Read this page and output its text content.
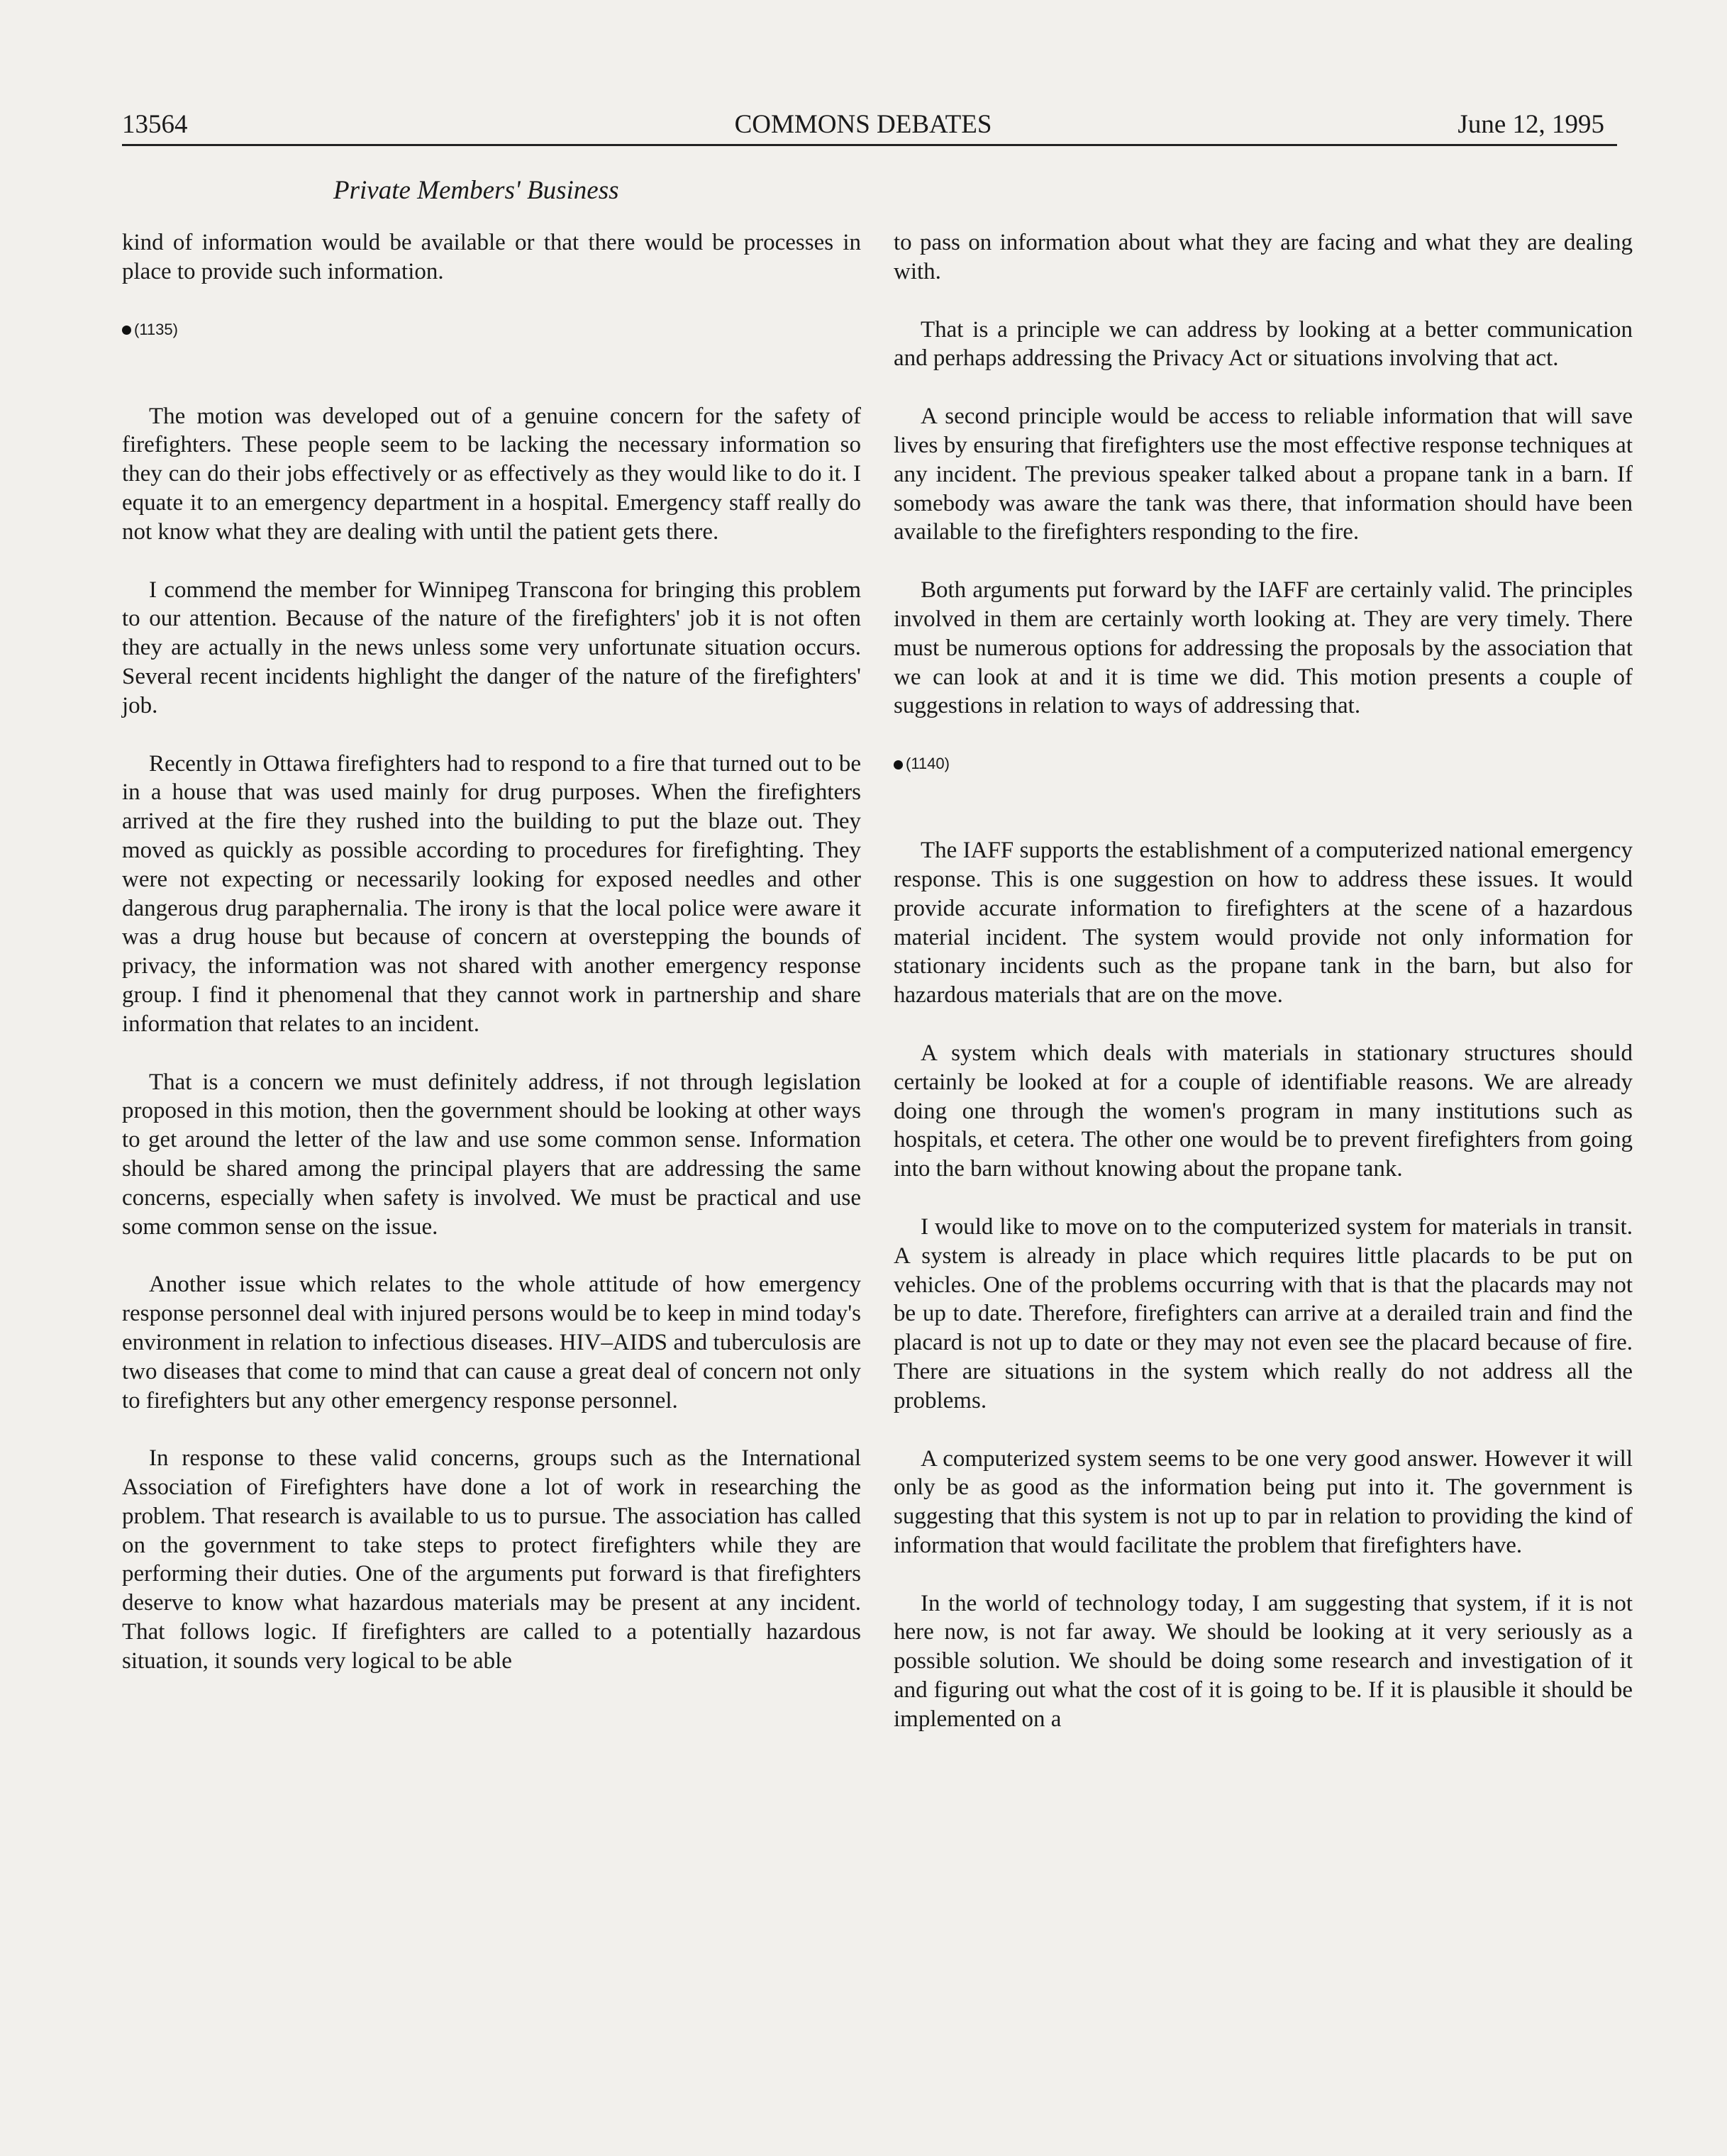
13564	COMMONS DEBATES	June 12, 1995
Private Members' Business

kind of information would be available or that there would be processes in place to provide such information.

(1135)

The motion was developed out of a genuine concern for the safety of firefighters. These people seem to be lacking the necessary information so they can do their jobs effectively or as effectively as they would like to do it. I equate it to an emergency department in a hospital. Emergency staff really do not know what they are dealing with until the patient gets there.

I commend the member for Winnipeg Transcona for bringing this problem to our attention. Because of the nature of the firefighters' job it is not often they are actually in the news unless some very unfortunate situation occurs. Several recent incidents highlight the danger of the nature of the firefighters' job.

Recently in Ottawa firefighters had to respond to a fire that turned out to be in a house that was used mainly for drug purposes. When the firefighters arrived at the fire they rushed into the building to put the blaze out. They moved as quickly as possible according to procedures for firefighting. They were not expecting or necessarily looking for exposed needles and other dangerous drug paraphernalia. The irony is that the local police were aware it was a drug house but because of concern at overstepping the bounds of privacy, the information was not shared with another emergency response group. I find it phenomenal that they cannot work in partnership and share information that relates to an incident.

That is a concern we must definitely address, if not through legislation proposed in this motion, then the government should be looking at other ways to get around the letter of the law and use some common sense. Information should be shared among the principal players that are addressing the same concerns, especially when safety is involved. We must be practical and use some common sense on the issue.

Another issue which relates to the whole attitude of how emergency response personnel deal with injured persons would be to keep in mind today's environment in relation to infectious diseases. HIV–AIDS and tuberculosis are two diseases that come to mind that can cause a great deal of concern not only to firefighters but any other emergency response personnel.

In response to these valid concerns, groups such as the International Association of Firefighters have done a lot of work in researching the problem. That research is available to us to pursue. The association has called on the government to take steps to protect firefighters while they are performing their duties. One of the arguments put forward is that firefighters deserve to know what hazardous materials may be present at any incident. That follows logic. If firefighters are called to a potentially hazardous situation, it sounds very logical to be able

to pass on information about what they are facing and what they are dealing with.

That is a principle we can address by looking at a better communication and perhaps addressing the Privacy Act or situations involving that act.

A second principle would be access to reliable information that will save lives by ensuring that firefighters use the most effective response techniques at any incident. The previous speaker talked about a propane tank in a barn. If somebody was aware the tank was there, that information should have been available to the firefighters responding to the fire.

Both arguments put forward by the IAFF are certainly valid. The principles involved in them are certainly worth looking at. They are very timely. There must be numerous options for addressing the proposals by the association that we can look at and it is time we did. This motion presents a couple of suggestions in relation to ways of addressing that.

(1140)

The IAFF supports the establishment of a computerized national emergency response. This is one suggestion on how to address these issues. It would provide accurate information to firefighters at the scene of a hazardous material incident. The system would provide not only information for stationary incidents such as the propane tank in the barn, but also for hazardous materials that are on the move.

A system which deals with materials in stationary structures should certainly be looked at for a couple of identifiable reasons. We are already doing one through the women's program in many institutions such as hospitals, et cetera. The other one would be to prevent firefighters from going into the barn without knowing about the propane tank.

I would like to move on to the computerized system for materials in transit. A system is already in place which requires little placards to be put on vehicles. One of the problems occurring with that is that the placards may not be up to date. Therefore, firefighters can arrive at a derailed train and find the placard is not up to date or they may not even see the placard because of fire. There are situations in the system which really do not address all the problems.

A computerized system seems to be one very good answer. However it will only be as good as the information being put into it. The government is suggesting that this system is not up to par in relation to providing the kind of information that would facilitate the problem that firefighters have.

In the world of technology today, I am suggesting that system, if it is not here now, is not far away. We should be looking at it very seriously as a possible solution. We should be doing some research and investigation of it and figuring out what the cost of it is going to be. If it is plausible it should be implemented on a
